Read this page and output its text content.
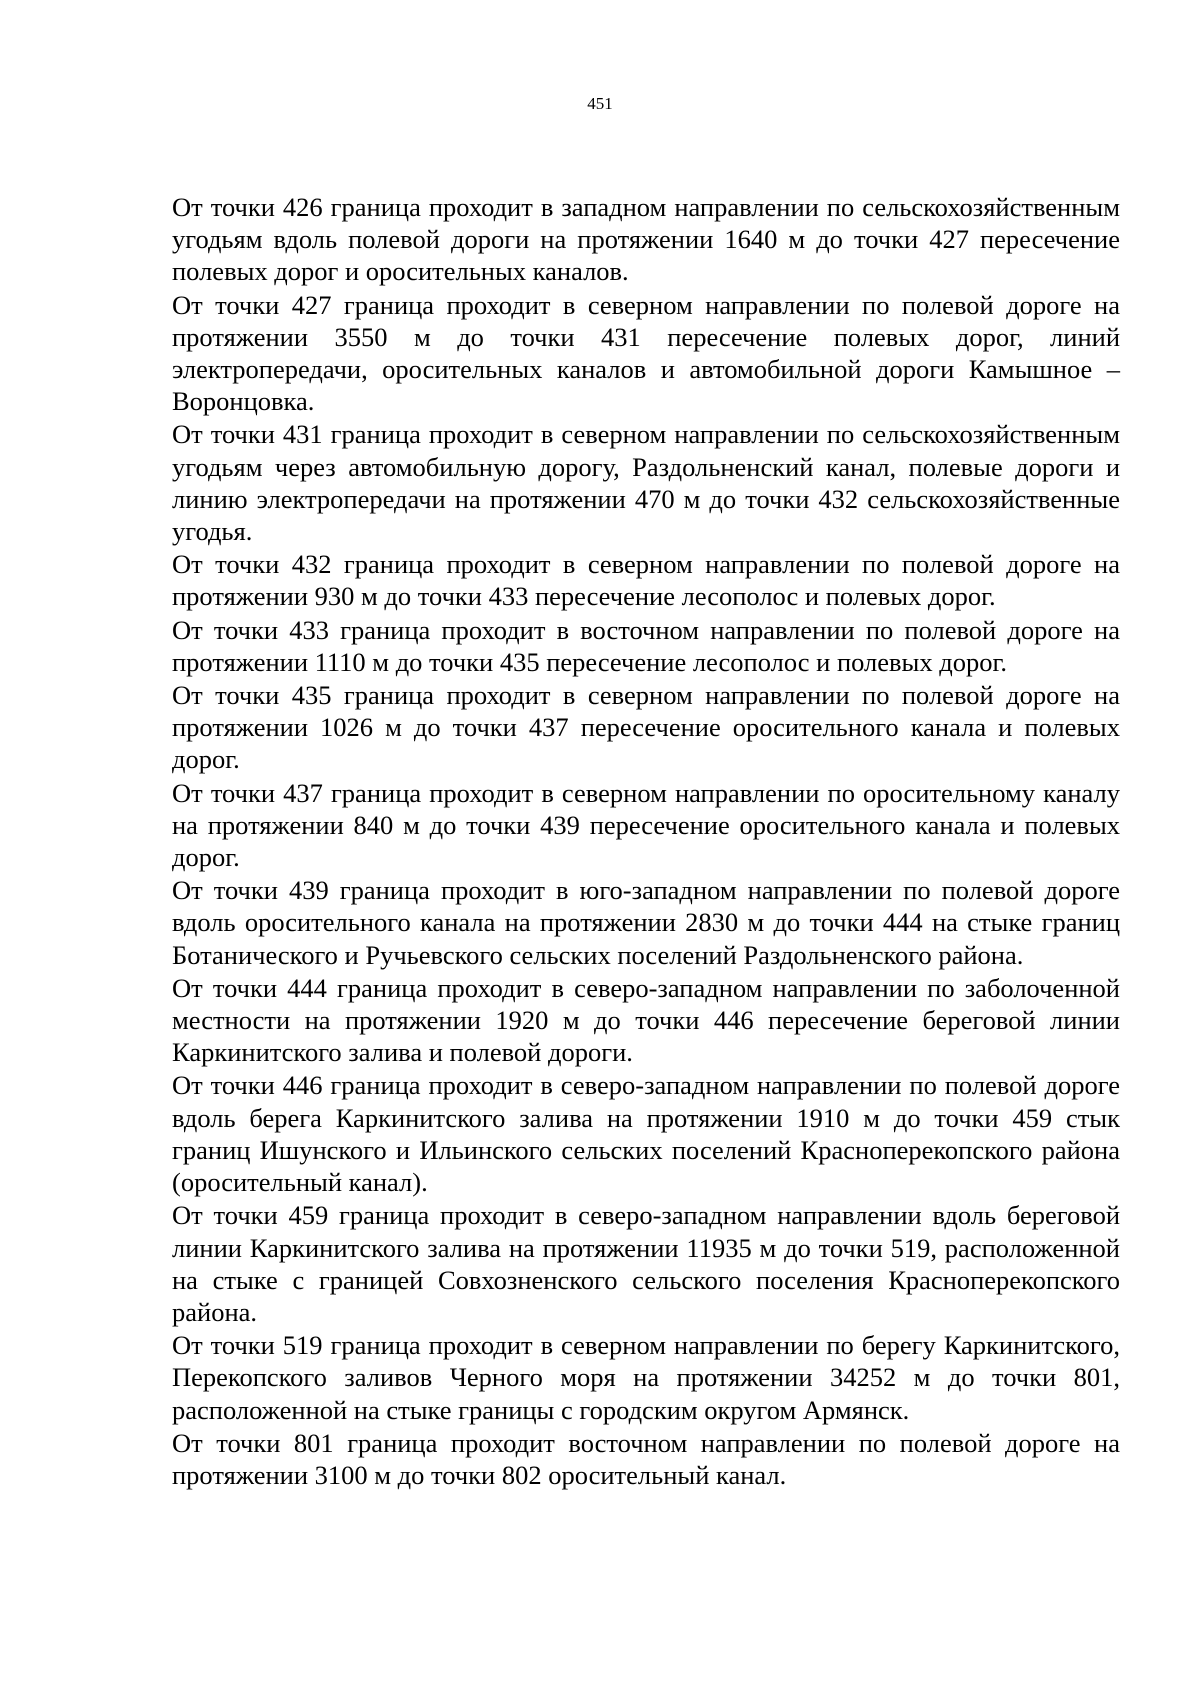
451

От точки 426 граница проходит в западном направлении по сельскохозяйственным угодьям вдоль полевой дороги на протяжении 1640 м до точки 427 пересечение полевых дорог и оросительных каналов.

От точки 427 граница проходит в северном направлении по полевой дороге на протяжении 3550 м до точки 431 пересечение полевых дорог, линий электропередачи, оросительных каналов и автомобильной дороги Камышное – Воронцовка.

От точки 431 граница проходит в северном направлении по сельскохозяйственным угодьям через автомобильную дорогу, Раздольненский канал, полевые дороги и линию электропередачи на протяжении 470 м до точки 432 сельскохозяйственные угодья.

От точки 432 граница проходит в северном направлении по полевой дороге на протяжении 930 м до точки 433 пересечение лесополос и полевых дорог.

От точки 433 граница проходит в восточном направлении по полевой дороге на протяжении 1110 м до точки 435 пересечение лесополос и полевых дорог.

От точки 435 граница проходит в северном направлении по полевой дороге на протяжении 1026 м до точки 437 пересечение оросительного канала и полевых дорог.

От точки 437 граница проходит в северном направлении по оросительному каналу на протяжении 840 м до точки 439 пересечение оросительного канала и полевых дорог.

От точки 439 граница проходит в юго-западном направлении по полевой дороге вдоль оросительного канала на протяжении 2830 м до точки 444 на стыке границ Ботанического и Ручьевского сельских поселений Раздольненского района.

От точки 444 граница проходит в северо-западном направлении по заболоченной местности на протяжении 1920 м до точки 446 пересечение береговой линии Каркинитского залива и полевой дороги.

От точки 446 граница проходит в северо-западном направлении по полевой дороге вдоль берега Каркинитского залива на протяжении 1910 м до точки 459 стык границ Ишунского и Ильинского сельских поселений Красноперекопского района (оросительный канал).

От точки 459 граница проходит в северо-западном направлении вдоль береговой линии Каркинитского залива на протяжении 11935 м до точки 519, расположенной на стыке с границей Совхозненского сельского поселения Красноперекопского района.

От точки 519 граница проходит в северном направлении по берегу Каркинитского, Перекопского заливов Черного моря на протяжении 34252 м до точки 801, расположенной на стыке границы с городским округом Армянск.

От точки 801 граница проходит восточном направлении по полевой дороге на протяжении 3100 м до точки 802 оросительный канал.
